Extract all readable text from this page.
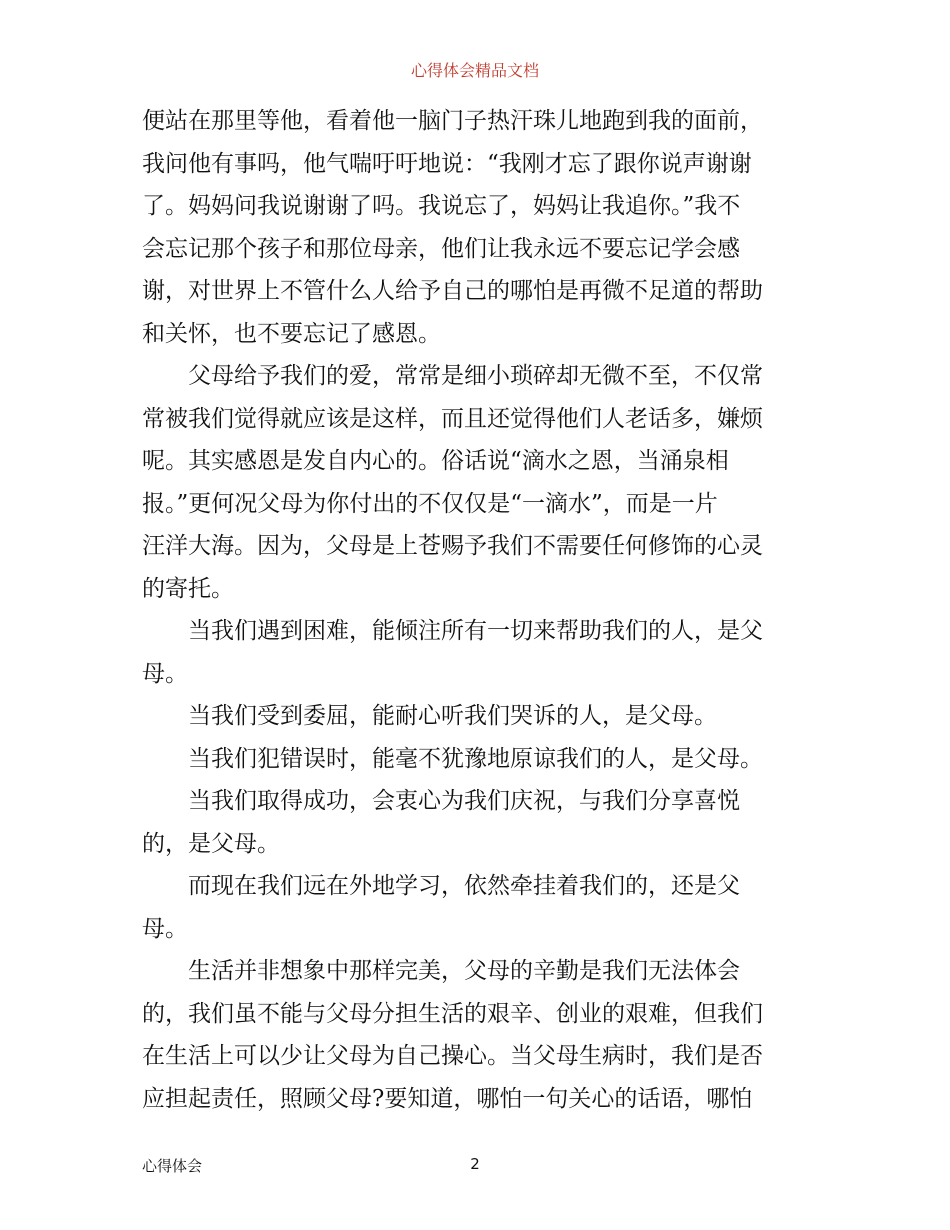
心得体会精品文档
便站在那里等他，看着他一脑门子热汗珠儿地跑到我的面前，
我问他有事吗，他气喘吁吁地说：“我刚才忘了跟你说声谢谢
了。妈妈问我说谢谢了吗。我说忘了，妈妈让我追你。”我不
会忘记那个孩子和那位母亲，他们让我永远不要忘记学会感
谢，对世界上不管什么人给予自己的哪怕是再微不足道的帮助
和关怀，也不要忘记了感恩。
　　父母给予我们的爱，常常是细小琐碎却无微不至，不仅常
常被我们觉得就应该是这样，而且还觉得他们人老话多，嫌烦
呢。其实感恩是发自内心的。俗话说“滴水之恩，当涌泉相
报。”更何况父母为你付出的不仅仅是“一滴水”，而是一片
汪洋大海。因为，父母是上苍赐予我们不需要任何修饰的心灵
的寄托。
　　当我们遇到困难，能倾注所有一切来帮助我们的人，是父
母。
　　当我们受到委屈，能耐心听我们哭诉的人，是父母。
　　当我们犯错误时，能毫不犹豫地原谅我们的人，是父母。
　　当我们取得成功，会衷心为我们庆祝，与我们分享喜悦
的，是父母。
　　而现在我们远在外地学习，依然牵挂着我们的，还是父
母。
　　生活并非想象中那样完美，父母的辛勤是我们无法体会
的，我们虽不能与父母分担生活的艰辛、创业的艰难，但我们
在生活上可以少让父母为自己操心。当父母生病时，我们是否
应担起责任，照顾父母?要知道，哪怕一句关心的话语，哪怕
心得体会	2
